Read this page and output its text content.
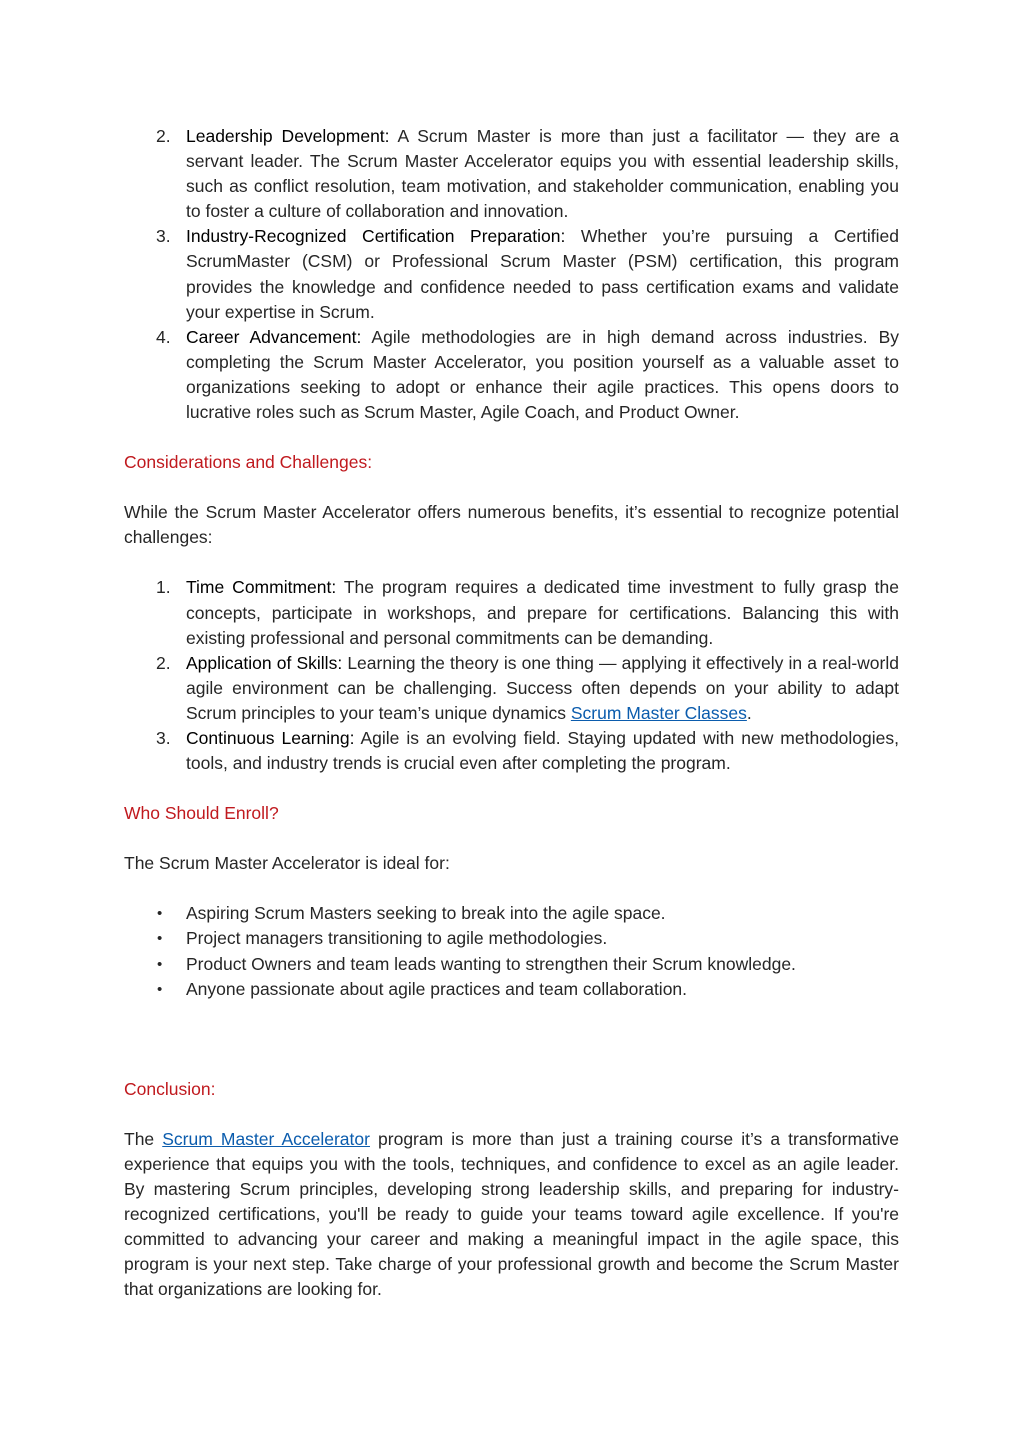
2. Leadership Development: A Scrum Master is more than just a facilitator — they are a servant leader. The Scrum Master Accelerator equips you with essential leadership skills, such as conflict resolution, team motivation, and stakeholder communication, enabling you to foster a culture of collaboration and innovation.
3. Industry-Recognized Certification Preparation: Whether you’re pursuing a Certified ScrumMaster (CSM) or Professional Scrum Master (PSM) certification, this program provides the knowledge and confidence needed to pass certification exams and validate your expertise in Scrum.
4. Career Advancement: Agile methodologies are in high demand across industries. By completing the Scrum Master Accelerator, you position yourself as a valuable asset to organizations seeking to adopt or enhance their agile practices. This opens doors to lucrative roles such as Scrum Master, Agile Coach, and Product Owner.
Considerations and Challenges:

While the Scrum Master Accelerator offers numerous benefits, it’s essential to recognize potential challenges:

1. Time Commitment: The program requires a dedicated time investment to fully grasp the concepts, participate in workshops, and prepare for certifications. Balancing this with existing professional and personal commitments can be demanding.
2. Application of Skills: Learning the theory is one thing — applying it effectively in a real-world agile environment can be challenging. Success often depends on your ability to adapt Scrum principles to your team’s unique dynamics Scrum Master Classes.
3. Continuous Learning: Agile is an evolving field. Staying updated with new methodologies, tools, and industry trends is crucial even after completing the program.
Who Should Enroll?

The Scrum Master Accelerator is ideal for:

• Aspiring Scrum Masters seeking to break into the agile space.
• Project managers transitioning to agile methodologies.
• Product Owners and team leads wanting to strengthen their Scrum knowledge.
• Anyone passionate about agile practices and team collaboration.
Conclusion:

The Scrum Master Accelerator program is more than just a training course it’s a transformative experience that equips you with the tools, techniques, and confidence to excel as an agile leader. By mastering Scrum principles, developing strong leadership skills, and preparing for industry-recognized certifications, you'll be ready to guide your teams toward agile excellence. If you're committed to advancing your career and making a meaningful impact in the agile space, this program is your next step. Take charge of your professional growth and become the Scrum Master that organizations are looking for.
